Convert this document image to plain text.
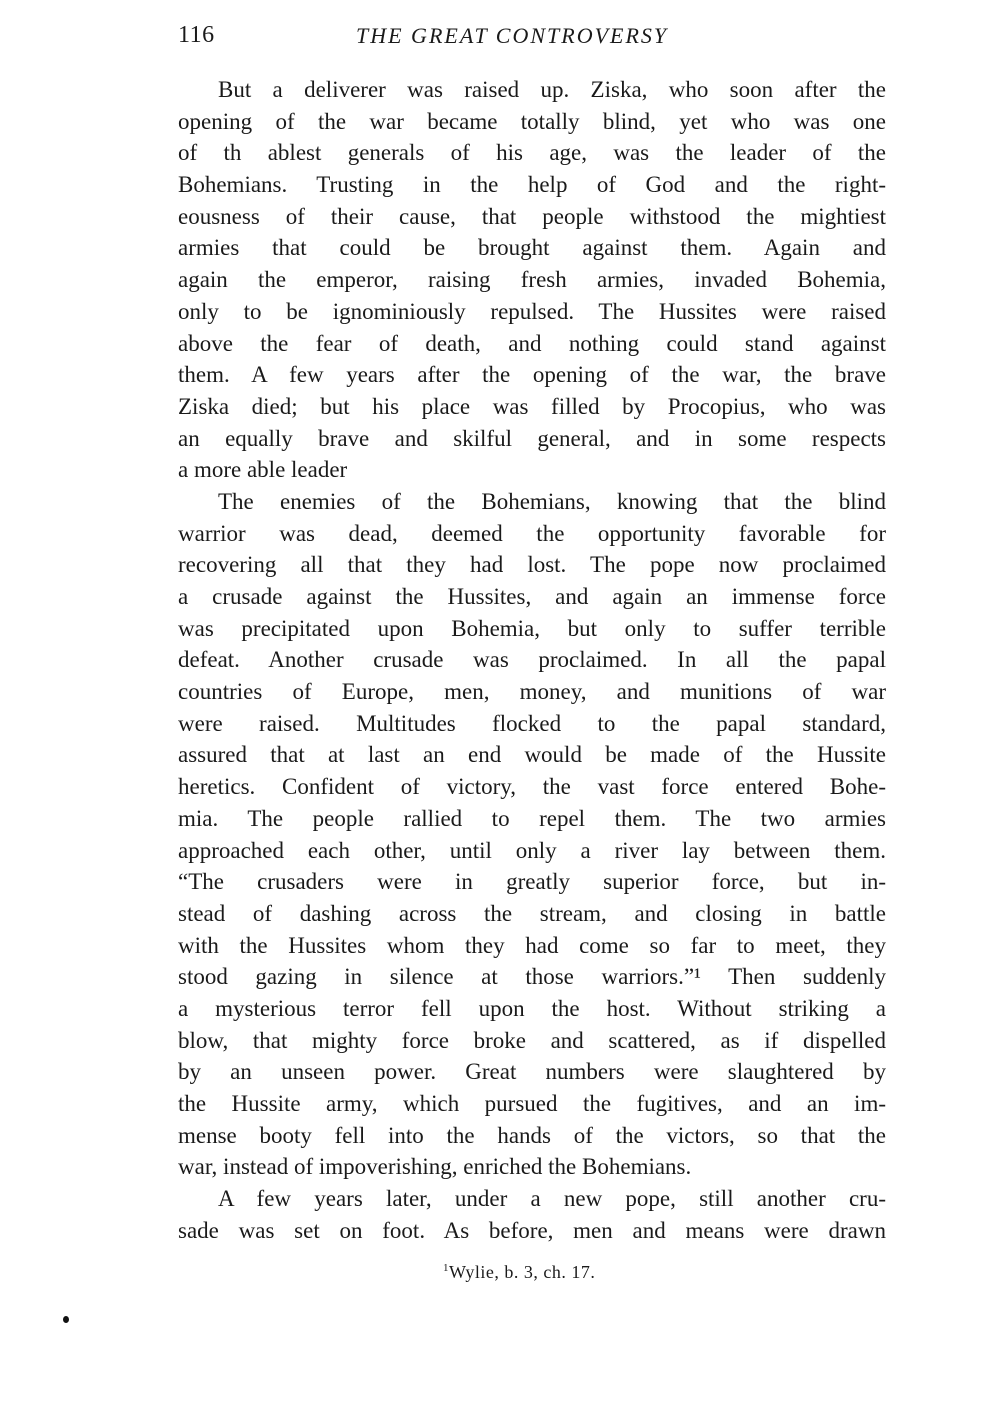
116	THE GREAT CONTROVERSY
But a deliverer was raised up. Ziska, who soon after the
opening of the war became totally blind, yet who was one
of th ablest generals of his age, was the leader of the
Bohemians. Trusting in the help of God and the right-
eousness of their cause, that people withstood the mightiest
armies that could be brought against them. Again and
again the emperor, raising fresh armies, invaded Bohemia,
only to be ignominiously repulsed. The Hussites were raised
above the fear of death, and nothing could stand against
them. A few years after the opening of the war, the brave
Ziska died; but his place was filled by Procopius, who was
an equally brave and skilful general, and in some respects
a more able leader
The enemies of the Bohemians, knowing that the blind
warrior was dead, deemed the opportunity favorable for
recovering all that they had lost. The pope now proclaimed
a crusade against the Hussites, and again an immense force
was precipitated upon Bohemia, but only to suffer terrible
defeat. Another crusade was proclaimed. In all the papal
countries of Europe, men, money, and munitions of war
were raised. Multitudes flocked to the papal standard,
assured that at last an end would be made of the Hussite
heretics. Confident of victory, the vast force entered Bohe-
mia. The people rallied to repel them. The two armies
approached each other, until only a river lay between them.
“The crusaders were in greatly superior force, but in-
stead of dashing across the stream, and closing in battle
with the Hussites whom they had come so far to meet, they
stood gazing in silence at those warriors.”¹ Then suddenly
a mysterious terror fell upon the host. Without striking a
blow, that mighty force broke and scattered, as if dispelled
by an unseen power. Great numbers were slaughtered by
the Hussite army, which pursued the fugitives, and an im-
mense booty fell into the hands of the victors, so that the
war, instead of impoverishing, enriched the Bohemians.
A few years later, under a new pope, still another cru-
sade was set on foot. As before, men and means were drawn
$^1$Wylie, b. 3, ch. 17.
